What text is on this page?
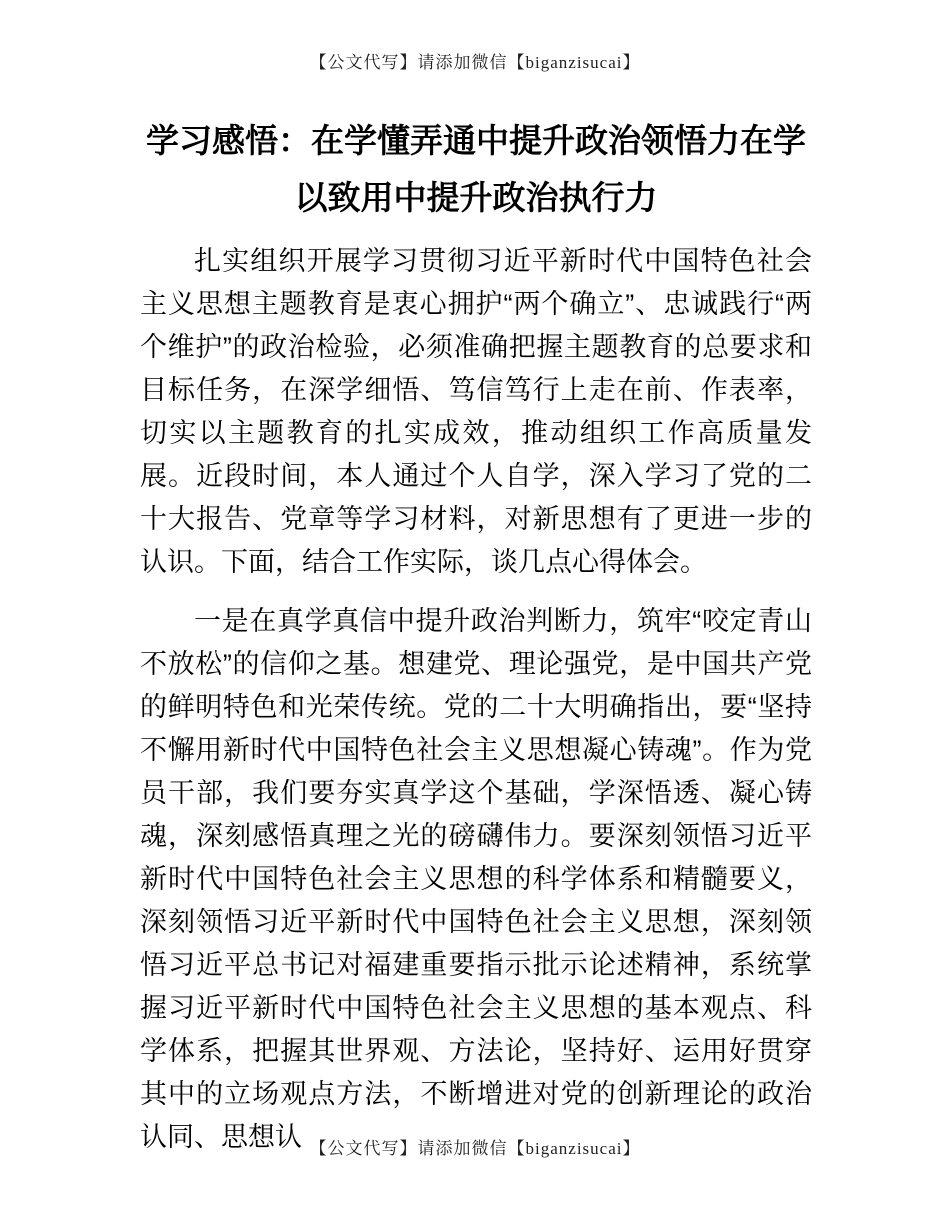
【公文代写】请添加微信【biganzisucai】
学习感悟：在学懂弄通中提升政治领悟力在学以致用中提升政治执行力

扎实组织开展学习贯彻习近平新时代中国特色社会主义思想主题教育是衷心拥护“两个确立”、忠诚践行“两个维护”的政治检验，必须准确把握主题教育的总要求和目标任务，在深学细悟、笃信笃行上走在前、作表率，切实以主题教育的扎实成效，推动组织工作高质量发展。近段时间，本人通过个人自学，深入学习了党的二十大报告、党章等学习材料，对新思想有了更进一步的认识。下面，结合工作实际，谈几点心得体会。

一是在真学真信中提升政治判断力，筑牢“咬定青山不放松”的信仰之基。想建党、理论强党，是中国共产党的鲜明特色和光荣传统。党的二十大明确指出，要“坚持不懈用新时代中国特色社会主义思想凝心铸魂”。作为党员干部，我们要夯实真学这个基础，学深悟透、凝心铸魂，深刻感悟真理之光的磅礴伟力。要深刻领悟习近平新时代中国特色社会主义思想的科学体系和精髓要义，深刻领悟习近平新时代中国特色社会主义思想，深刻领悟习近平总书记对福建重要指示批示论述精神，系统掌握习近平新时代中国特色社会主义思想的基本观点、科学体系，把握其世界观、方法论，坚持好、运用好贯穿其中的立场观点方法，不断增进对党的创新理论的政治认同、思想认 【公文代写】请添加微信【biganzisucai】
